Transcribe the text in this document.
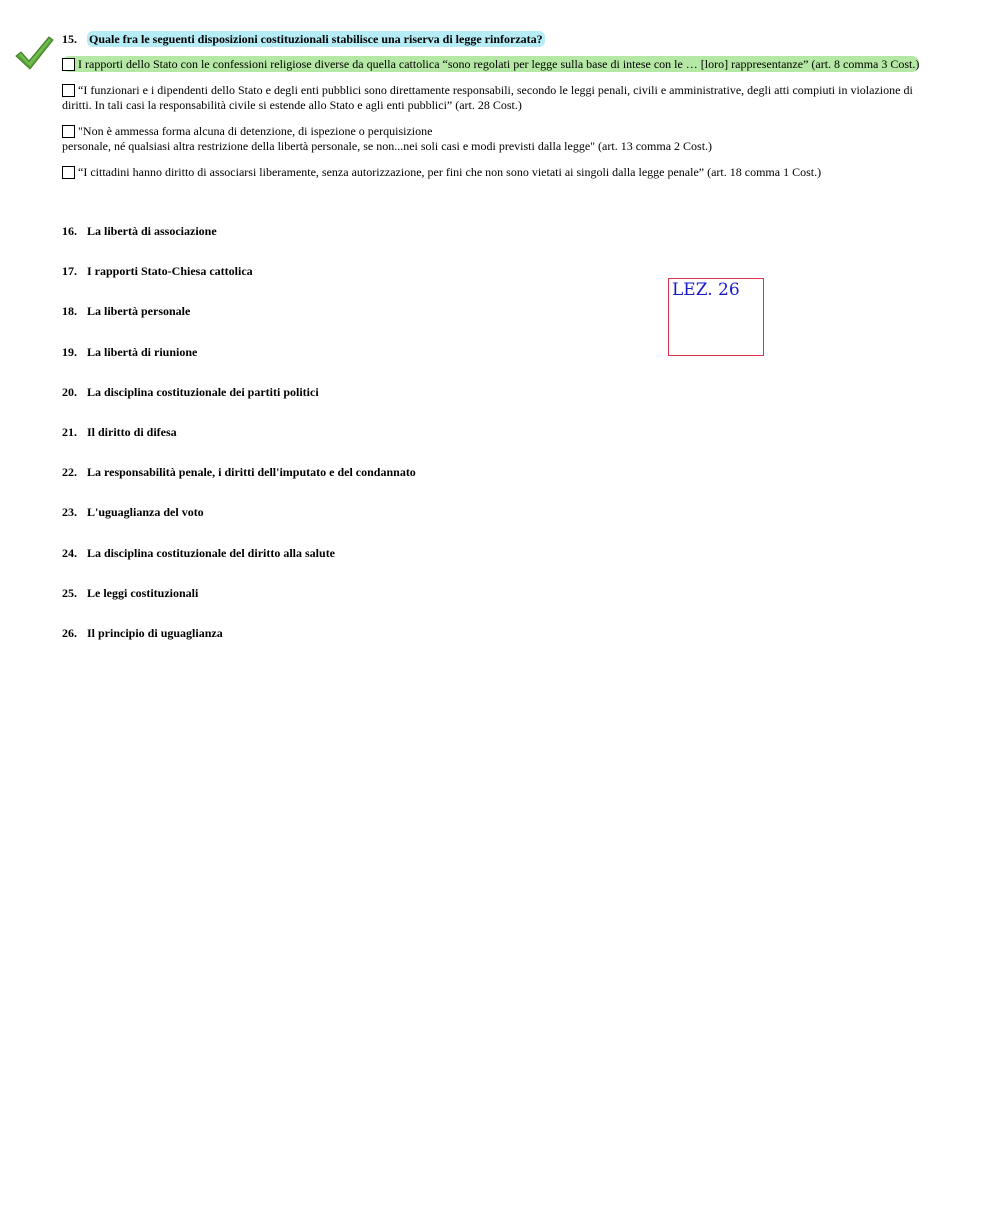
15.	Quale fra le seguenti disposizioni costituzionali stabilisce una riserva di legge rinforzata?
I rapporti dello Stato con le confessioni religiose diverse da quella cattolica “sono regolati per legge sulla base di intese con le … [loro] rappresentanze” (art. 8 comma 3 Cost.)
“I funzionari e i dipendenti dello Stato e degli enti pubblici sono direttamente responsabili, secondo le leggi penali, civili e amministrative, degli atti compiuti in violazione di diritti. In tali casi la responsabilità civile si estende allo Stato e agli enti pubblici” (art. 28 Cost.)
"Non è ammessa forma alcuna di detenzione, di ispezione o perquisizione
personale, né qualsiasi altra restrizione della libertà personale, se non...nei soli casi e modi previsti dalla legge" (art. 13 comma 2 Cost.)
“I cittadini hanno diritto di associarsi liberamente, senza autorizzazione, per fini che non sono vietati ai singoli dalla legge penale” (art. 18 comma 1 Cost.)
16. La libertà di associazione
17. I rapporti Stato-Chiesa cattolica
18. La libertà personale
19. La libertà di riunione
20. La disciplina costituzionale dei partiti politici
21. Il diritto di difesa
22. La responsabilità penale, i diritti dell'imputato e del condannato
23. L'uguaglianza del voto
24. La disciplina costituzionale del diritto alla salute
25. Le leggi costituzionali
26. Il principio di uguaglianza
LEZ. 26
